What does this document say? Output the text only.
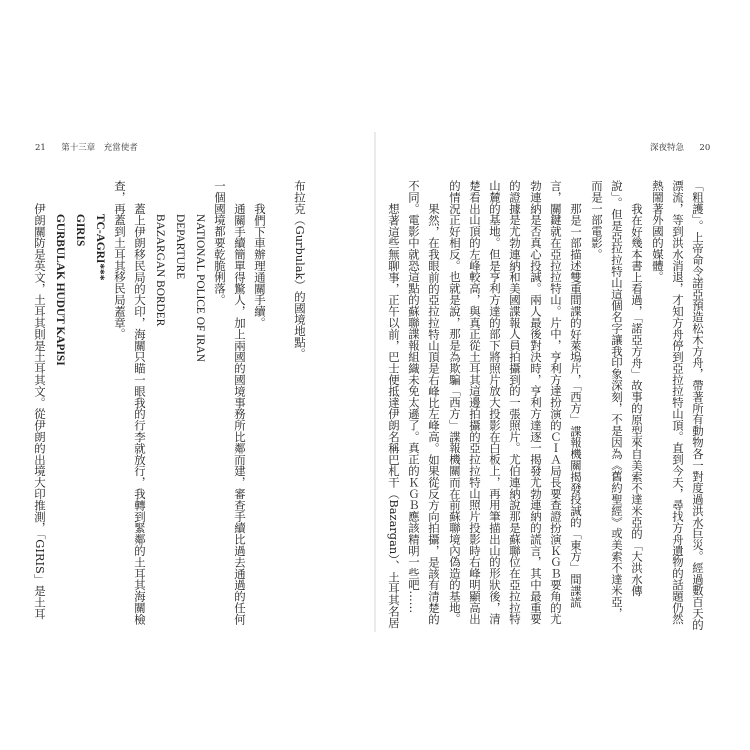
21 第十三章　充當使者	深夜特急 20
「粗護」。上帝命令諾亞預造松木方舟，帶著所有動物各一對度過洪水巨災。經過數百天的
漂流，等到洪水消退，才知方舟停到亞拉拉特山頂。直到今天，尋找方舟遺物的話題仍然
熱鬧著外國的媒體。
我在好幾本書上看過，「諾亞方舟」故事的原型來自美索不達米亞的「大洪水傳
說」。但是亞拉拉特山這個名字讓我印象深刻，不是因為《舊約聖經》或美索不達米亞，
而是一部電影。
那是一部描述雙重間諜的好萊塢片，「西方」諜報機關揭發投誠的「東方」間諜謊
言，關鍵就在亞拉拉特山。片中，亨利方達扮演的ＣＩＡ局長要查證扮演ＫＧＢ要角的尤
勃連納是否真心投誠。兩人最後對決時，亨利方達逐一揭發尤勃連納的謊言，其中最重要
的證據是尤勃連納和美國諜報人員拍攝到的一張照片。尤伯連納說那是蘇聯位在亞拉拉特
山麓的基地。但是亨利方達的部下將照片放大投影在白板上，再用筆描出山的形狀後，清
楚看出山頂的左峰較高，與真正從土耳其這邊拍攝的亞拉拉特山照片投影時右峰明顯高出
的情況正好相反。也就是說，那是為欺騙「西方」諜報機關而在前蘇聯境內偽造的基地。
果然，在我眼前的亞拉拉特山頂是右峰比左峰高。如果從反方向拍攝，是該有清楚的
不同。電影中就恐這點的蘇聯諜報組織未免太遜了。真正的ＫＧＢ應該精明一些吧……
想著這些無聊事，正午以前，巴士便抵達伊朗名稱巴札干（Bazargan）、土耳其名居
布拉克（Gurbulak）的國境地點。
我們下車辦理通關手續。
通關手續簡單得驚人，加上兩國的國境事務所比鄰而建，審查手續比過去通過的任何
一個國境都要乾脆俐落。
NATIONAL POLICE OF IRAN
DEPARTURE
BAZARGAN BORDER
蓋上伊朗移民局的大印，海關只瞄一眼我的行李就放行，我轉到緊鄰的土耳其海關檢
查，再蓋到土耳其移民局蓋章。
TC-AGRI***
GIRIS
GURBULAK HUDUT KAPISI
伊朗關防是英文，土耳其則是土耳其文。從伊朗的出境大印推測，「GIRIS」是土耳
